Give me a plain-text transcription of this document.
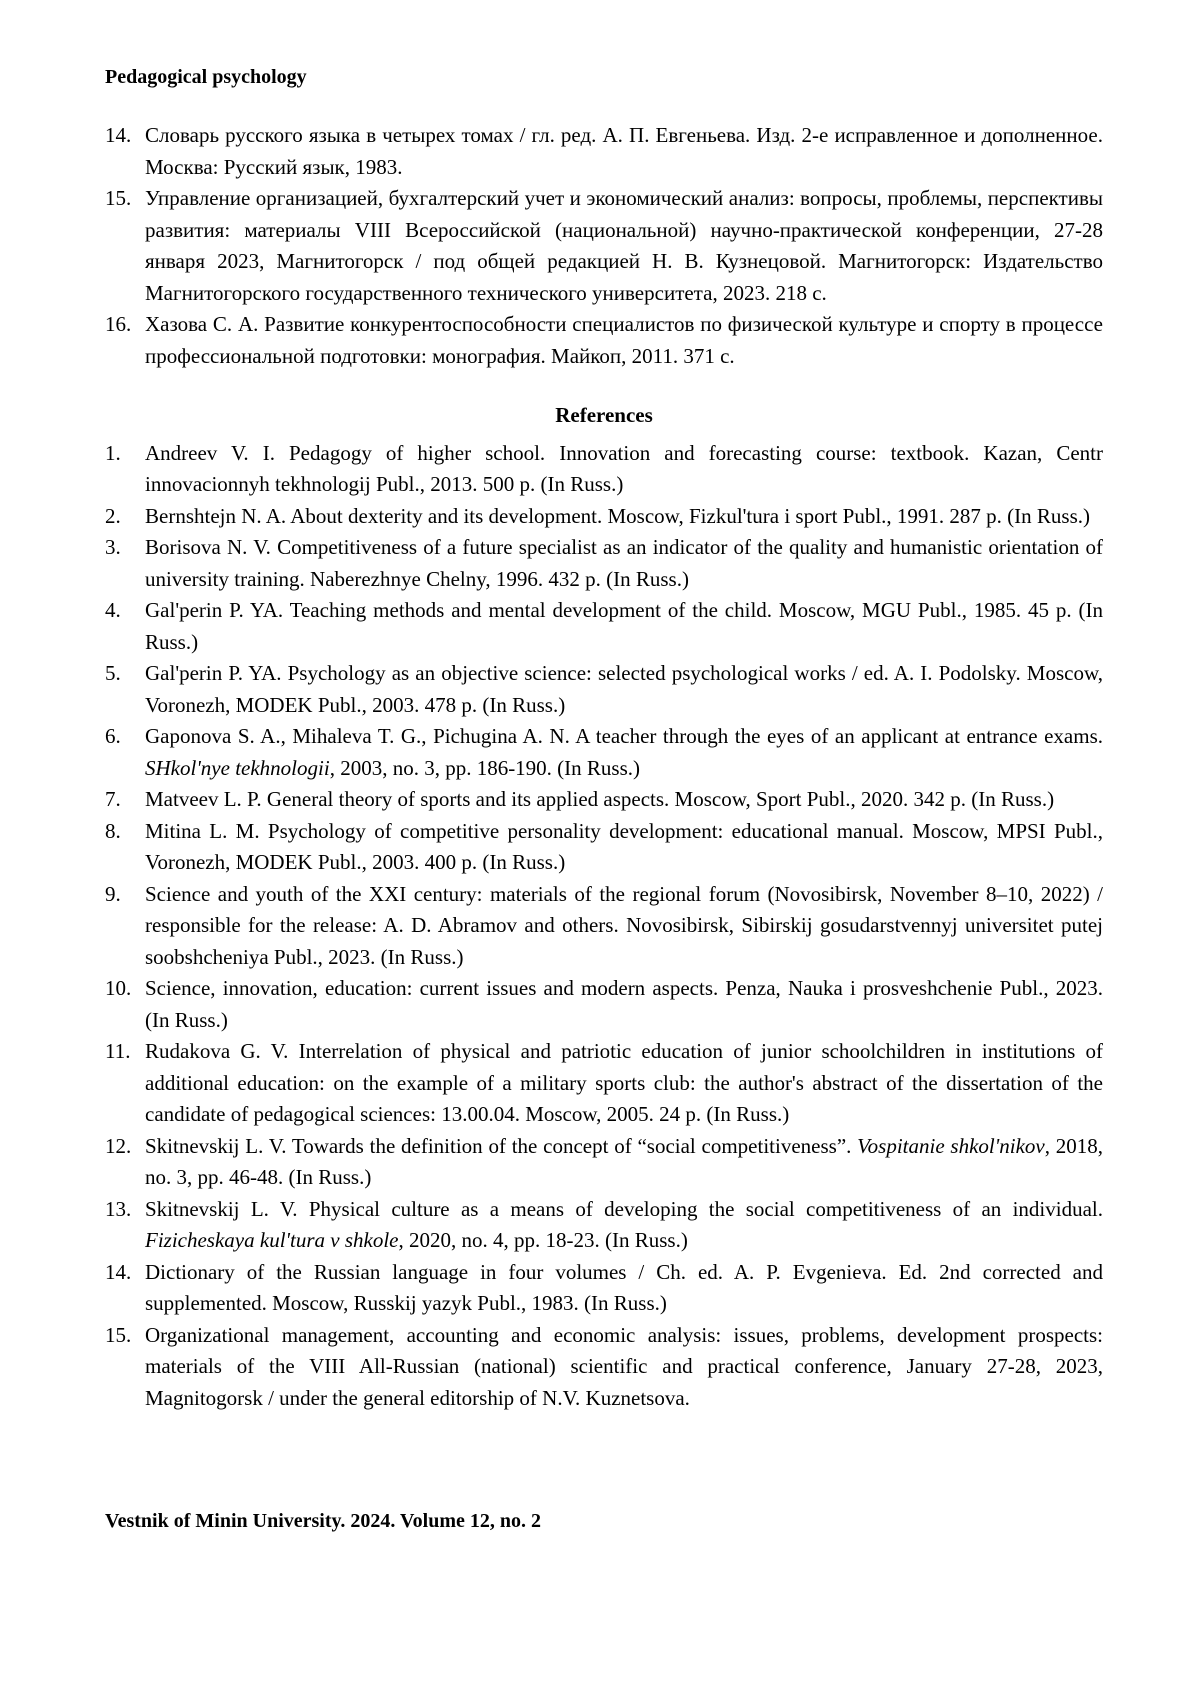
Pedagogical psychology
14. Словарь русского языка в четырех томах / гл. ред. А. П. Евгеньева. Изд. 2-е исправленное и дополненное. Москва: Русский язык, 1983.
15. Управление организацией, бухгалтерский учет и экономический анализ: вопросы, проблемы, перспективы развития: материалы VIII Всероссийской (национальной) научно-практической конференции, 27-28 января 2023, Магнитогорск / под общей редакцией Н. В. Кузнецовой. Магнитогорск: Издательство Магнитогорского государственного технического университета, 2023. 218 с.
16. Хазова С. А. Развитие конкурентоспособности специалистов по физической культуре и спорту в процессе профессиональной подготовки: монография. Майкоп, 2011. 371 с.
References
1. Andreev V. I. Pedagogy of higher school. Innovation and forecasting course: textbook. Kazan, Centr innovacionnyh tekhnologij Publ., 2013. 500 p. (In Russ.)
2. Bernshtejn N. A. About dexterity and its development. Moscow, Fizkul'tura i sport Publ., 1991. 287 p. (In Russ.)
3. Borisova N. V. Competitiveness of a future specialist as an indicator of the quality and humanistic orientation of university training. Naberezhnye Chelny, 1996. 432 p. (In Russ.)
4. Gal'perin P. YA. Teaching methods and mental development of the child. Moscow, MGU Publ., 1985. 45 p. (In Russ.)
5. Gal'perin P. YA. Psychology as an objective science: selected psychological works / ed. A. I. Podolsky. Moscow, Voronezh, MODEK Publ., 2003. 478 p. (In Russ.)
6. Gaponova S. A., Mihaleva T. G., Pichugina A. N. A teacher through the eyes of an applicant at entrance exams. SHkol'nye tekhnologii, 2003, no. 3, pp. 186-190. (In Russ.)
7. Matveev L. P. General theory of sports and its applied aspects. Moscow, Sport Publ., 2020. 342 p. (In Russ.)
8. Mitina L. M. Psychology of competitive personality development: educational manual. Moscow, MPSI Publ., Voronezh, MODEK Publ., 2003. 400 p. (In Russ.)
9. Science and youth of the XXI century: materials of the regional forum (Novosibirsk, November 8–10, 2022) / responsible for the release: A. D. Abramov and others. Novosibirsk, Sibirskij gosudarstvennyj universitet putej soobshcheniya Publ., 2023. (In Russ.)
10. Science, innovation, education: current issues and modern aspects. Penza, Nauka i prosveshchenie Publ., 2023. (In Russ.)
11. Rudakova G. V. Interrelation of physical and patriotic education of junior schoolchildren in institutions of additional education: on the example of a military sports club: the author's abstract of the dissertation of the candidate of pedagogical sciences: 13.00.04. Moscow, 2005. 24 p. (In Russ.)
12. Skitnevskij L. V. Towards the definition of the concept of “social competitiveness”. Vospitanie shkol'nikov, 2018, no. 3, pp. 46-48. (In Russ.)
13. Skitnevskij L. V. Physical culture as a means of developing the social competitiveness of an individual. Fizicheskaya kul'tura v shkole, 2020, no. 4, pp. 18-23. (In Russ.)
14. Dictionary of the Russian language in four volumes / Ch. ed. A. P. Evgenieva. Ed. 2nd corrected and supplemented. Moscow, Russkij yazyk Publ., 1983. (In Russ.)
15. Organizational management, accounting and economic analysis: issues, problems, development prospects: materials of the VIII All-Russian (national) scientific and practical conference, January 27-28, 2023, Magnitogorsk / under the general editorship of N.V. Kuznetsova.
Vestnik of Minin University. 2024. Volume 12, no. 2
